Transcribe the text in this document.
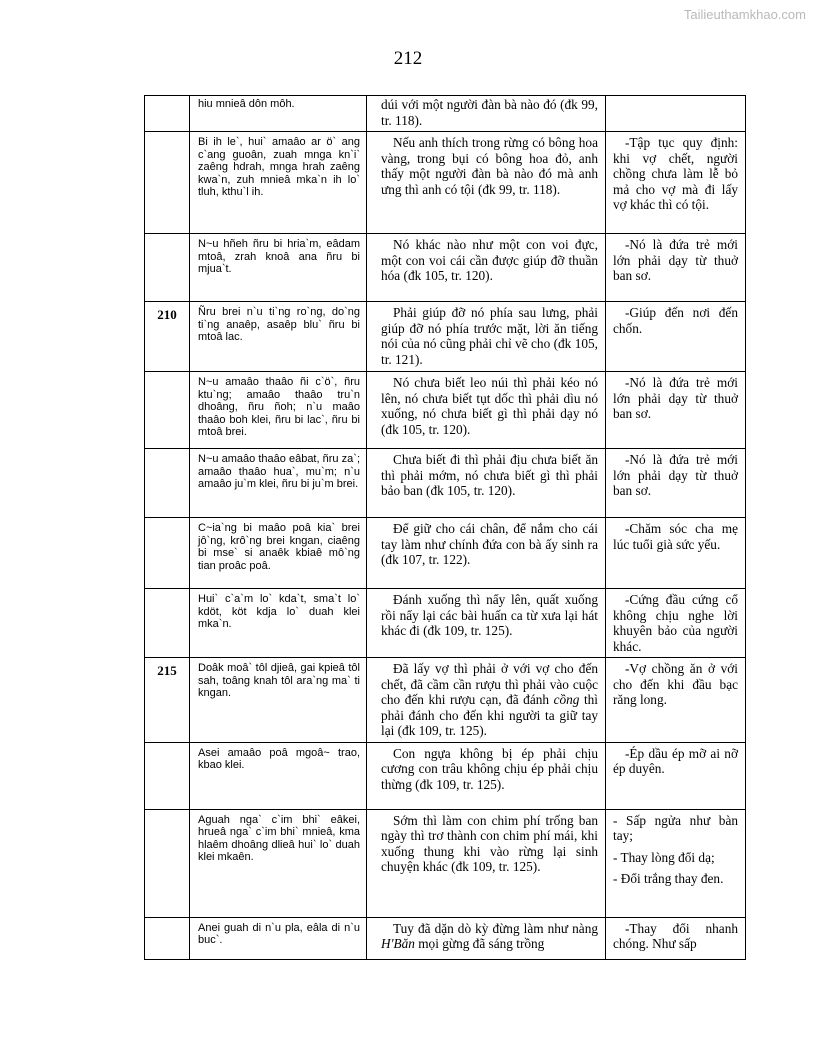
Tailieuthamkhao.com
212
	hiu mnieâ dôn môh.	dúi với một người đàn bà nào đó (đk 99, tr. 118).	
	Bi ih le`, hui` amaâo ar ö` ang c`ang guoân, zuah mnga kn`i` zaêng hdrah, mnga hrah zaêng kwa`n, zuh mnieâ mka`n ih lo` tluh, kthu`l ih.	Nếu anh thích trong rừng có bông hoa vàng, trong bụi có bông hoa đỏ, anh thấy một người đàn bà nào đó mà anh ưng thì anh có tội (đk 99, tr. 118).	-Tập tục quy định: khi vợ chết, người chồng chưa làm lễ bỏ mả cho vợ mà đi lấy vợ khác thì có tội.

	N~u hñeh ñru bi hria`m, eâdam mtoâ, zrah knoâ ana ñru bi mjua`t.	Nó khác nào như một con voi đực, một con voi cái cần được giúp đỡ thuần hóa (đk 105, tr. 120).	-Nó là đứa trẻ mới lớn phải dạy từ thuở ban sơ.

210	Ñru brei n`u ti`ng ro`ng, do`ng ti`ng anaêp, asaêp blu` ñru bi mtoâ lac.	Phải giúp đỡ nó phía sau lưng, phải giúp đỡ nó phía trước mặt, lời ăn tiếng nói của nó cũng phải chỉ vẽ cho (đk 105, tr. 121).	-Giúp đến nơi đến chốn.

	N~u amaâo thaâo ñi c`ö`, ñru ktu`ng; amaâo thaâo tru`n dhoâng, ñru ñoh; n`u maâo thaâo boh klei, ñru bi lac`, ñru bi mtoâ brei.	Nó chưa biết leo núi thì phải kéo nó lên, nó chưa biết tụt dốc thì phải dìu nó xuống, nó chưa biết gì thì phải dạy nó (đk 105, tr. 120).	-Nó là đứa trẻ mới lớn phải dạy từ thuở ban sơ.

	N~u amaâo thaâo eâbat, ñru za`; amaâo thaâo hua`, mu`m; n`u amaâo ju`m klei, ñru bi ju`m brei.	Chưa biết đi thì phải địu chưa biết ăn thì phải mớm, nó chưa biết gì thì phải bảo ban (đk 105, tr. 120).	-Nó là đứa trẻ mới lớn phải dạy từ thuở ban sơ.

	C~ia`ng bi maâo poâ kia` brei jô`ng, krô`ng brei kngan, ciaêng bi mse` si anaêk kbiaê mô`ng tian proâc poâ.	Để giữ cho cái chân, để nắm cho cái tay làm như chính đứa con bà ấy sinh ra (đk 107, tr. 122).	-Chăm sóc cha mẹ lúc tuổi già sức yếu.

	Hui` c`a`m lo` kda`t, sma`t lo` kdöt, köt kdja lo` duah klei mka`n.	Đánh xuống thì nẩy lên, quất xuống rồi nẩy lại các bài huấn ca từ xưa lại hát khác đi (đk 109, tr. 125).	-Cứng đầu cứng cổ không chịu nghe lời khuyên bảo của người khác.

215	Doâk moâ` tôl djieâ, gai kpieâ tôl sah, toâng knah tôl ara`ng ma` ti kngan.	Đã lấy vợ thì phải ở với vợ cho đến chết, đã cầm cần rượu thì phải vào cuộc cho đến khi rượu cạn, đã đánh cồng thì phải đánh cho đến khi người ta giữ tay lại (đk 109, tr. 125).	-Vợ chồng ăn ở với cho đến khi đầu bạc răng long.

	Asei amaâo poâ mgoâ~ trao, kbao klei.	Con ngựa không bị ép phải chịu cương con trâu không chịu ép phải chịu thừng (đk 109, tr. 125).	-Ép dầu ép mỡ ai nỡ ép duyên.

	Aguah nga` c`im bhi` eâkei, hrueâ nga` c`im bhi` mnieâ, kma hlaêm dhoâng dlieâ hui` lo` duah klei mkaên.	Sớm thì làm con chim phí trống ban ngày thì trơ thành con chim phí mái, khi xuống thung khi vào rừng lại sinh chuyện khác (đk 109, tr. 125).	- Sấp ngửa như bàn tay;
- Thay lòng đổi dạ;
- Đổi trắng thay đen.

	Anei guah di n`u pla, eâla di n`u buc`.	Tuy đã dặn dò kỳ đừng làm như nàng H'Băn mọi gừng đã sáng trồng	-Thay đổi nhanh chóng. Như sấp
